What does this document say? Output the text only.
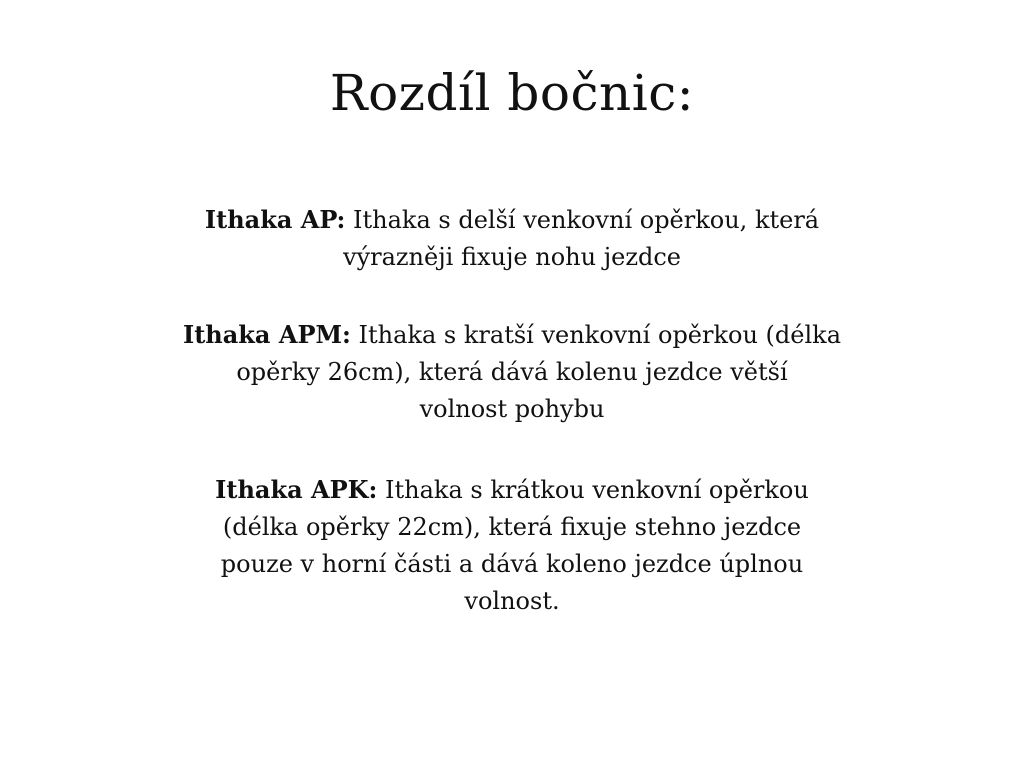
Rozdíl bočnic:

Ithaka AP: Ithaka s delší venkovní opěrkou, která
výrazněji fixuje nohu jezdce

Ithaka APM: Ithaka s kratší venkovní opěrkou (délka
opěrky 26cm), která dává kolenu jezdce větší
volnost pohybu

Ithaka APK: Ithaka s krátkou venkovní opěrkou
(délka opěrky 22cm), která fixuje stehno jezdce
pouze v horní části a dává koleno jezdce úplnou
volnost.
